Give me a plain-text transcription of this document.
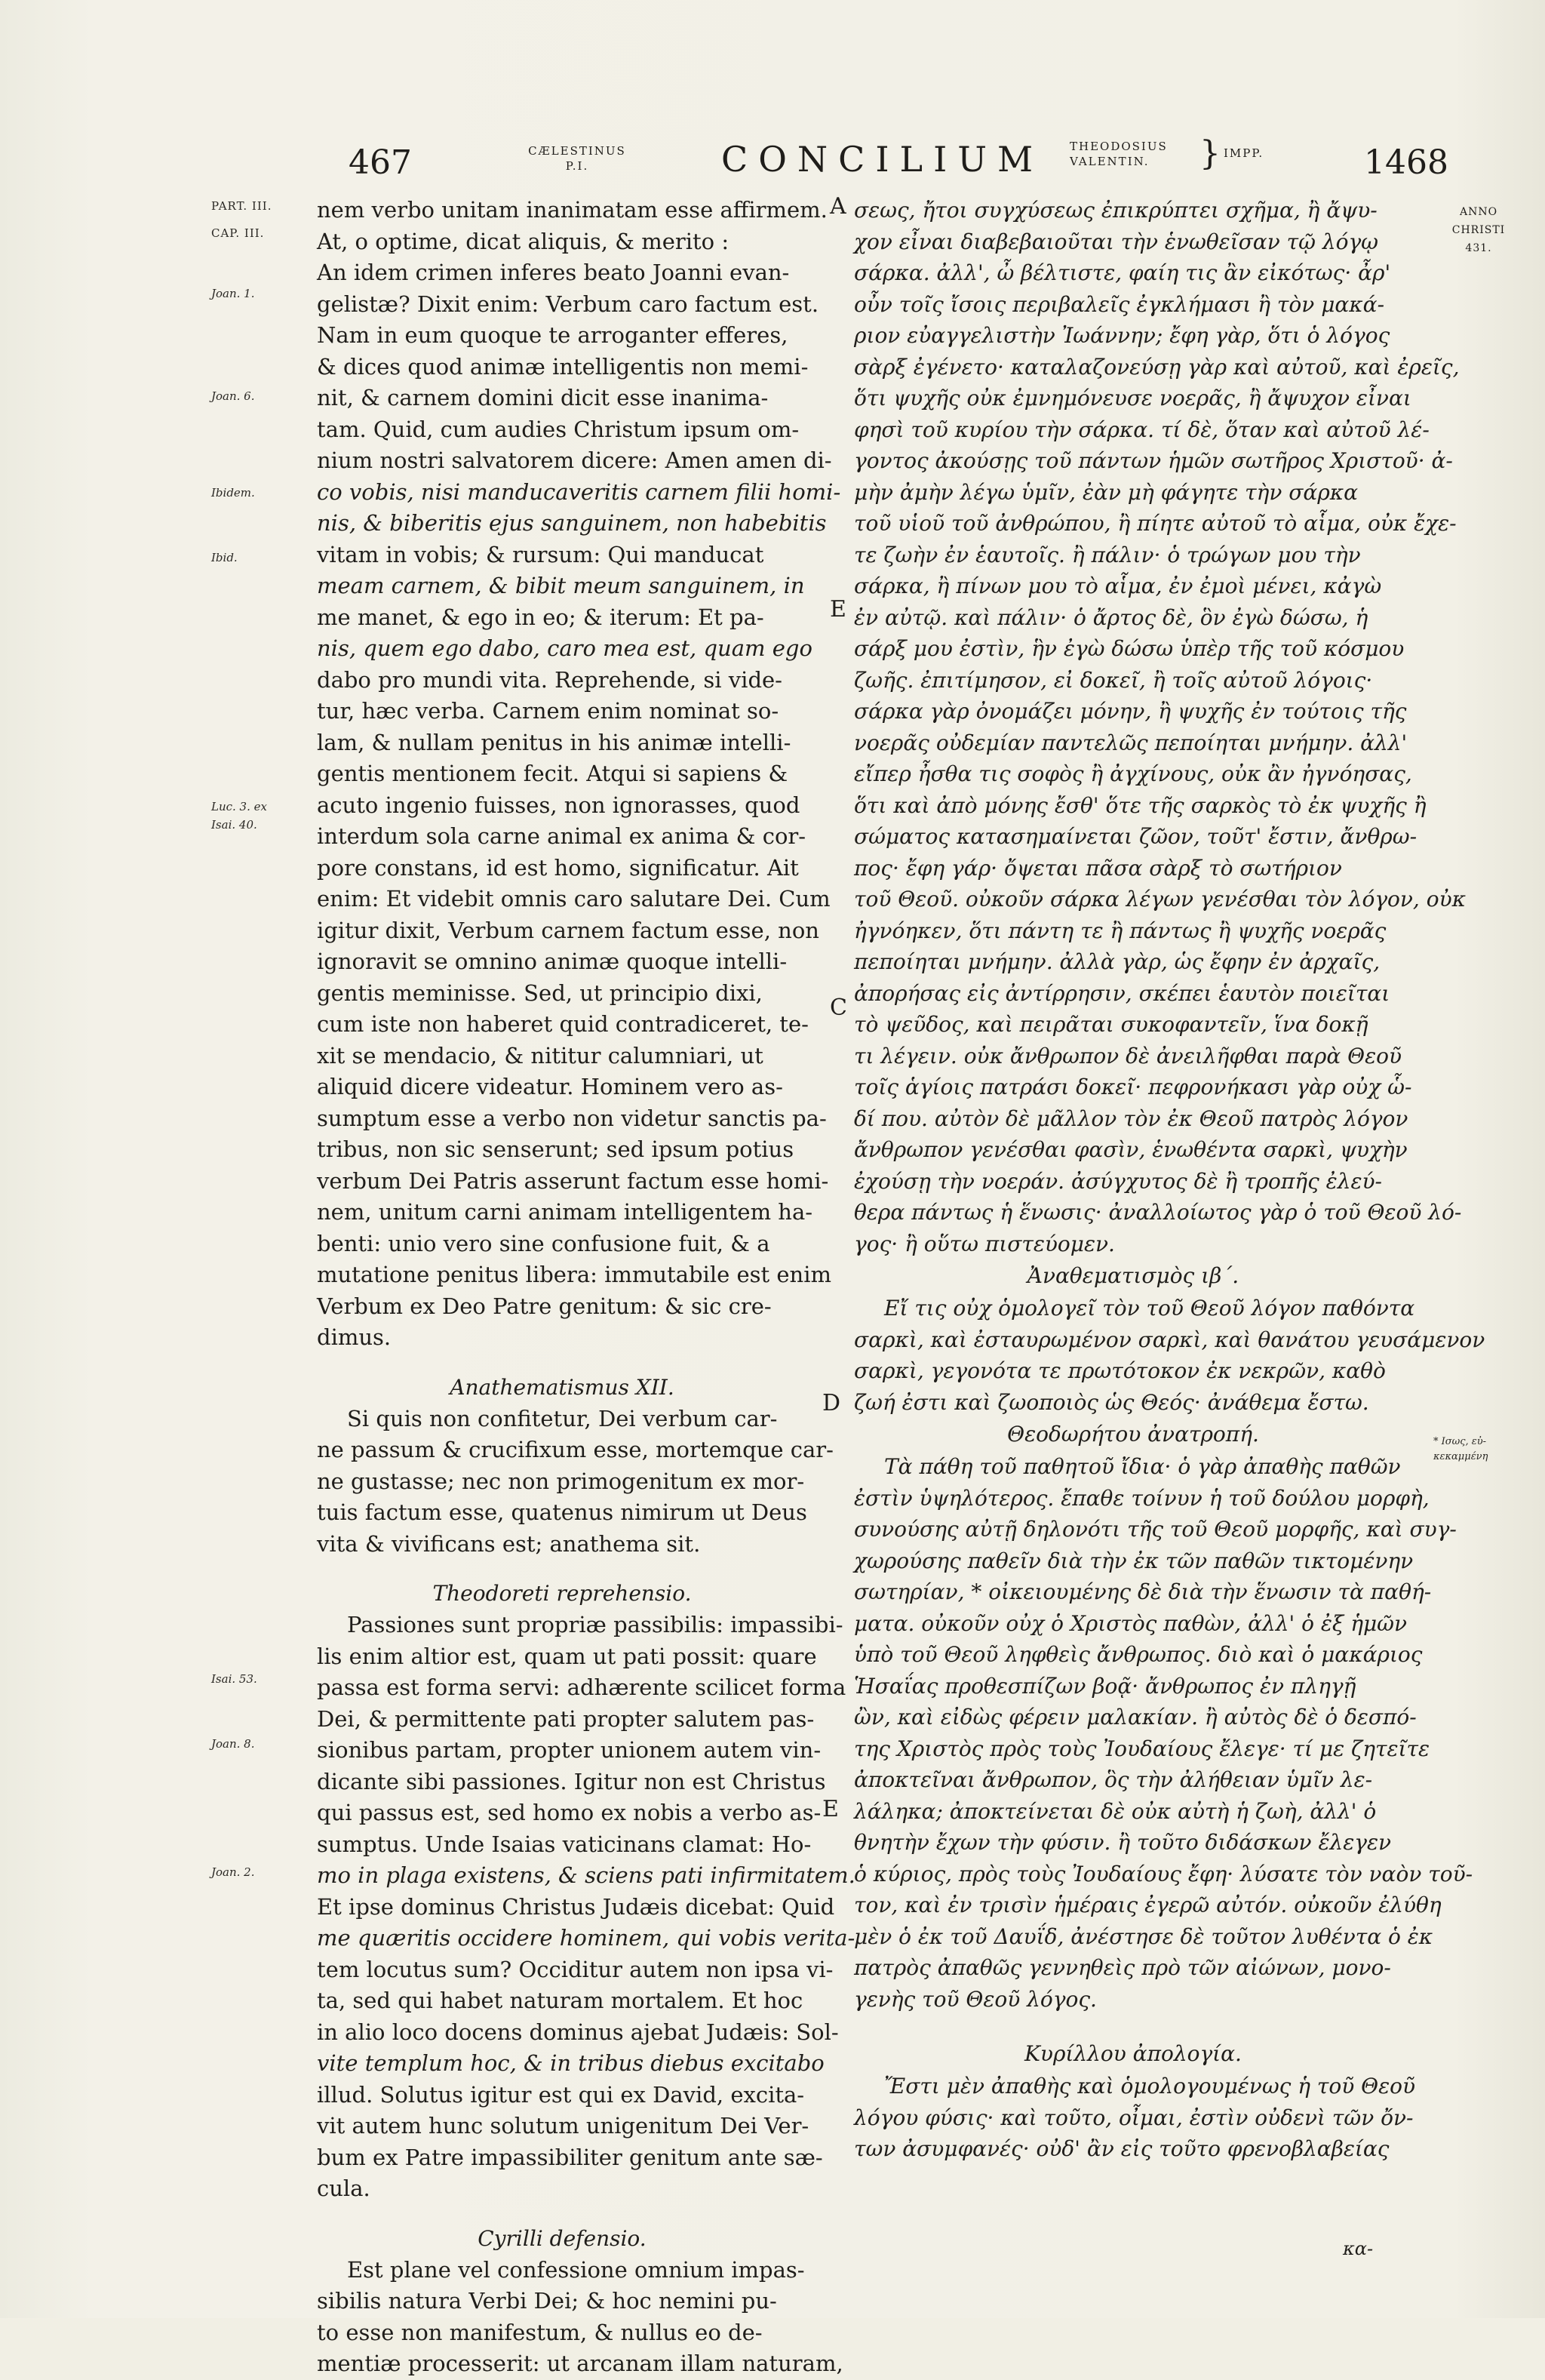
467	CÆLESTINUS
P.I.	CONCILIUM THEODOSIUS
VALENTIN.	} IMPP.	1468
PART. III.
CAP. III.
Joan. 1.
Joan. 6.
Ibidem.
Ibid.
Luc. 3. ex
Isai. 40.
Isai. 53.
Joan. 8.
Joan. 2.
ANNO
CHRISTI
431.
* Ισως, εὐ-
κεκαμμένη
A
E
C
D
E
nem verbo unitam inanimatam esse affirmem.
At, o optime, dicat aliquis, & merito :
An idem crimen inferes beato Joanni evan-
gelistæ? Dixit enim: Verbum caro factum est.
Nam in eum quoque te arroganter efferes,
& dices quod animæ intelligentis non memi-
nit, & carnem domini dicit esse inanima-
tam. Quid, cum audies Christum ipsum om-
nium nostri salvatorem dicere: Amen amen di-
co vobis, nisi manducaveritis carnem filii homi-
nis, & biberitis ejus sanguinem, non habebitis
vitam in vobis; & rursum: Qui manducat
meam carnem, & bibit meum sanguinem, in
me manet, & ego in eo; & iterum: Et pa-
nis, quem ego dabo, caro mea est, quam ego
dabo pro mundi vita. Reprehende, si vide-
tur, hæc verba. Carnem enim nominat so-
lam, & nullam penitus in his animæ intelli-
gentis mentionem fecit. Atqui si sapiens &
acuto ingenio fuisses, non ignorasses, quod
interdum sola carne animal ex anima & cor-
pore constans, id est homo, significatur. Ait
enim: Et videbit omnis caro salutare Dei. Cum
igitur dixit, Verbum carnem factum esse, non
ignoravit se omnino animæ quoque intelli-
gentis meminisse. Sed, ut principio dixi,
cum iste non haberet quid contradiceret, te-
xit se mendacio, & nititur calumniari, ut
aliquid dicere videatur. Hominem vero as-
sumptum esse a verbo non videtur sanctis pa-
tribus, non sic senserunt; sed ipsum potius
verbum Dei Patris asserunt factum esse homi-
nem, unitum carni animam intelligentem ha-
benti: unio vero sine confusione fuit, & a
mutatione penitus libera: immutabile est enim
Verbum ex Deo Patre genitum: & sic cre-
dimus.
Anathematismus XII.
Si quis non confitetur, Dei verbum car-
ne passum & crucifixum esse, mortemque car-
ne gustasse; nec non primogenitum ex mor-
tuis factum esse, quatenus nimirum ut Deus
vita & vivificans est; anathema sit.
Theodoreti reprehensio.
Passiones sunt propriæ passibilis: impassibi-
lis enim altior est, quam ut pati possit: quare
passa est forma servi: adhærente scilicet forma
Dei, & permittente pati propter salutem pas-
sionibus partam, propter unionem autem vin-
dicante sibi passiones. Igitur non est Christus
qui passus est, sed homo ex nobis a verbo as-
sumptus. Unde Isaias vaticinans clamat: Ho-
mo in plaga existens, & sciens pati infirmitatem.
Et ipse dominus Christus Judæis dicebat: Quid
me quæritis occidere hominem, qui vobis verita-
tem locutus sum? Occiditur autem non ipsa vi-
ta, sed qui habet naturam mortalem. Et hoc
in alio loco docens dominus ajebat Judæis: Sol-
vite templum hoc, & in tribus diebus excitabo
illud. Solutus igitur est qui ex David, excita-
vit autem hunc solutum unigenitum Dei Ver-
bum ex Patre impassibiliter genitum ante sæ-
cula.
Cyrilli defensio.
Est plane vel confessione omnium impas-
sibilis natura Verbi Dei; & hoc nemini pu-
to esse non manifestum, & nullus eo de-
mentiæ processerit: ut arcanam illam naturam,
σεως, ἤτοι συγχύσεως ἐπικρύπτει σχῆμα, ἢ ἄψυ-
χον εἶναι διαβεβαιοῦται τὴν ἑνωθεῖσαν τῷ λόγῳ
σάρκα. ἀλλ', ὦ βέλτιστε, φαίη τις ἂν εἰκότως· ἆρ'
οὖν τοῖς ἴσοις περιβαλεῖς ἐγκλήμασι ἢ τὸν μακά-
ριον εὐαγγελιστὴν Ἰωάννην; ἔφη γὰρ, ὅτι ὁ λόγος
σὰρξ ἐγένετο· καταλαζονεύσῃ γὰρ καὶ αὐτοῦ, καὶ ἐρεῖς,
ὅτι ψυχῆς οὐκ ἐμνημόνευσε νοερᾶς, ἢ ἄψυχον εἶναι
φησὶ τοῦ κυρίου τὴν σάρκα. τί δὲ, ὅταν καὶ αὐτοῦ λέ-
γοντος ἀκούσῃς τοῦ πάντων ἡμῶν σωτῆρος Χριστοῦ· ἀ-
μὴν ἀμὴν λέγω ὑμῖν, ἐὰν μὴ φάγητε τὴν σάρκα
τοῦ υἱοῦ τοῦ ἀνθρώπου, ἢ πίητε αὐτοῦ τὸ αἷμα, οὐκ ἔχε-
τε ζωὴν ἐν ἑαυτοῖς. ἢ πάλιν· ὁ τρώγων μου τὴν
σάρκα, ἢ πίνων μου τὸ αἷμα, ἐν ἐμοὶ μένει, κἀγὼ
ἐν αὐτῷ. καὶ πάλιν· ὁ ἄρτος δὲ, ὃν ἐγὼ δώσω, ἡ
σάρξ μου ἐστὶν, ἣν ἐγὼ δώσω ὑπὲρ τῆς τοῦ κόσμου
ζωῆς. ἐπιτίμησον, εἰ δοκεῖ, ἢ τοῖς αὐτοῦ λόγοις·
σάρκα γὰρ ὀνομάζει μόνην, ἢ ψυχῆς ἐν τούτοις τῆς
νοερᾶς οὐδεμίαν παντελῶς πεποίηται μνήμην. ἀλλ'
εἴπερ ἦσθα τις σοφὸς ἢ ἀγχίνους, οὐκ ἂν ἠγνόησας,
ὅτι καὶ ἀπὸ μόνης ἔσθ' ὅτε τῆς σαρκὸς τὸ ἐκ ψυχῆς ἢ
σώματος κατασημαίνεται ζῶον, τοῦτ' ἔστιν, ἄνθρω-
πος· ἔφη γάρ· ὄψεται πᾶσα σὰρξ τὸ σωτήριον
τοῦ Θεοῦ. οὐκοῦν σάρκα λέγων γενέσθαι τὸν λόγον, οὐκ
ἠγνόηκεν, ὅτι πάντη τε ἢ πάντως ἢ ψυχῆς νοερᾶς
πεποίηται μνήμην. ἀλλὰ γὰρ, ὡς ἔφην ἐν ἀρχαῖς,
ἀπορήσας εἰς ἀντίρρησιν, σκέπει ἑαυτὸν ποιεῖται
τὸ ψεῦδος, καὶ πειρᾶται συκοφαντεῖν, ἵνα δοκῇ
τι λέγειν. οὐκ ἄνθρωπον δὲ ἀνειλῆφθαι παρὰ Θεοῦ
τοῖς ἁγίοις πατράσι δοκεῖ· πεφρονήκασι γὰρ οὐχ ὧ-
δί που. αὐτὸν δὲ μᾶλλον τὸν ἐκ Θεοῦ πατρὸς λόγον
ἄνθρωπον γενέσθαι φασὶν, ἑνωθέντα σαρκὶ, ψυχὴν
ἐχούσῃ τὴν νοεράν. ἀσύγχυτος δὲ ἢ τροπῆς ἐλεύ-
θερα πάντως ἡ ἕνωσις· ἀναλλοίωτος γὰρ ὁ τοῦ Θεοῦ λό-
γος· ἢ οὕτω πιστεύομεν.
Ἀναθεματισμὸς ιβ΄.
Εἴ τις οὐχ ὁμολογεῖ τὸν τοῦ Θεοῦ λόγον παθόντα
σαρκὶ, καὶ ἐσταυρωμένον σαρκὶ, καὶ θανάτου γευσάμενον
σαρκὶ, γεγονότα τε πρωτότοκον ἐκ νεκρῶν, καθὸ
ζωή ἐστι καὶ ζωοποιὸς ὡς Θεός· ἀνάθεμα ἔστω.
Θεοδωρήτου ἀνατροπή.
Τὰ πάθη τοῦ παθητοῦ ἴδια· ὁ γὰρ ἀπαθὴς παθῶν
ἐστὶν ὑψηλότερος. ἔπαθε τοίνυν ἡ τοῦ δούλου μορφὴ,
συνούσης αὐτῇ δηλονότι τῆς τοῦ Θεοῦ μορφῆς, καὶ συγ-
χωρούσης παθεῖν διὰ τὴν ἐκ τῶν παθῶν τικτομένην
σωτηρίαν, * οἰκειουμένης δὲ διὰ τὴν ἕνωσιν τὰ παθή-
ματα. οὐκοῦν οὐχ ὁ Χριστὸς παθὼν, ἀλλ' ὁ ἐξ ἡμῶν
ὑπὸ τοῦ Θεοῦ ληφθεὶς ἄνθρωπος. διὸ καὶ ὁ μακάριος
Ἡσαΐας προθεσπίζων βοᾷ· ἄνθρωπος ἐν πληγῇ
ὢν, καὶ εἰδὼς φέρειν μαλακίαν. ἢ αὐτὸς δὲ ὁ δεσπό-
της Χριστὸς πρὸς τοὺς Ἰουδαίους ἔλεγε· τί με ζητεῖτε
ἀποκτεῖναι ἄνθρωπον, ὃς τὴν ἀλήθειαν ὑμῖν λε-
λάληκα; ἀποκτείνεται δὲ οὐκ αὐτὴ ἡ ζωὴ, ἀλλ' ὁ
θνητὴν ἔχων τὴν φύσιν. ἢ τοῦτο διδάσκων ἔλεγεν
ὁ κύριος, πρὸς τοὺς Ἰουδαίους ἔφη· λύσατε τὸν ναὸν τοῦ-
τον, καὶ ἐν τρισὶν ἡμέραις ἐγερῶ αὐτόν. οὐκοῦν ἐλύθη
μὲν ὁ ἐκ τοῦ Δαυΐδ, ἀνέστησε δὲ τοῦτον λυθέντα ὁ ἐκ
πατρὸς ἀπαθῶς γεννηθεὶς πρὸ τῶν αἰώνων, μονο-
γενὴς τοῦ Θεοῦ λόγος.
Κυρίλλου ἀπολογία.
Ἔστι μὲν ἀπαθὴς καὶ ὁμολογουμένως ἡ τοῦ Θεοῦ
λόγου φύσις· καὶ τοῦτο, οἶμαι, ἐστὶν οὐδενὶ τῶν ὄν-
των ἀσυμφανές· οὐδ' ἂν εἰς τοῦτο φρενοβλαβείας
κα-
